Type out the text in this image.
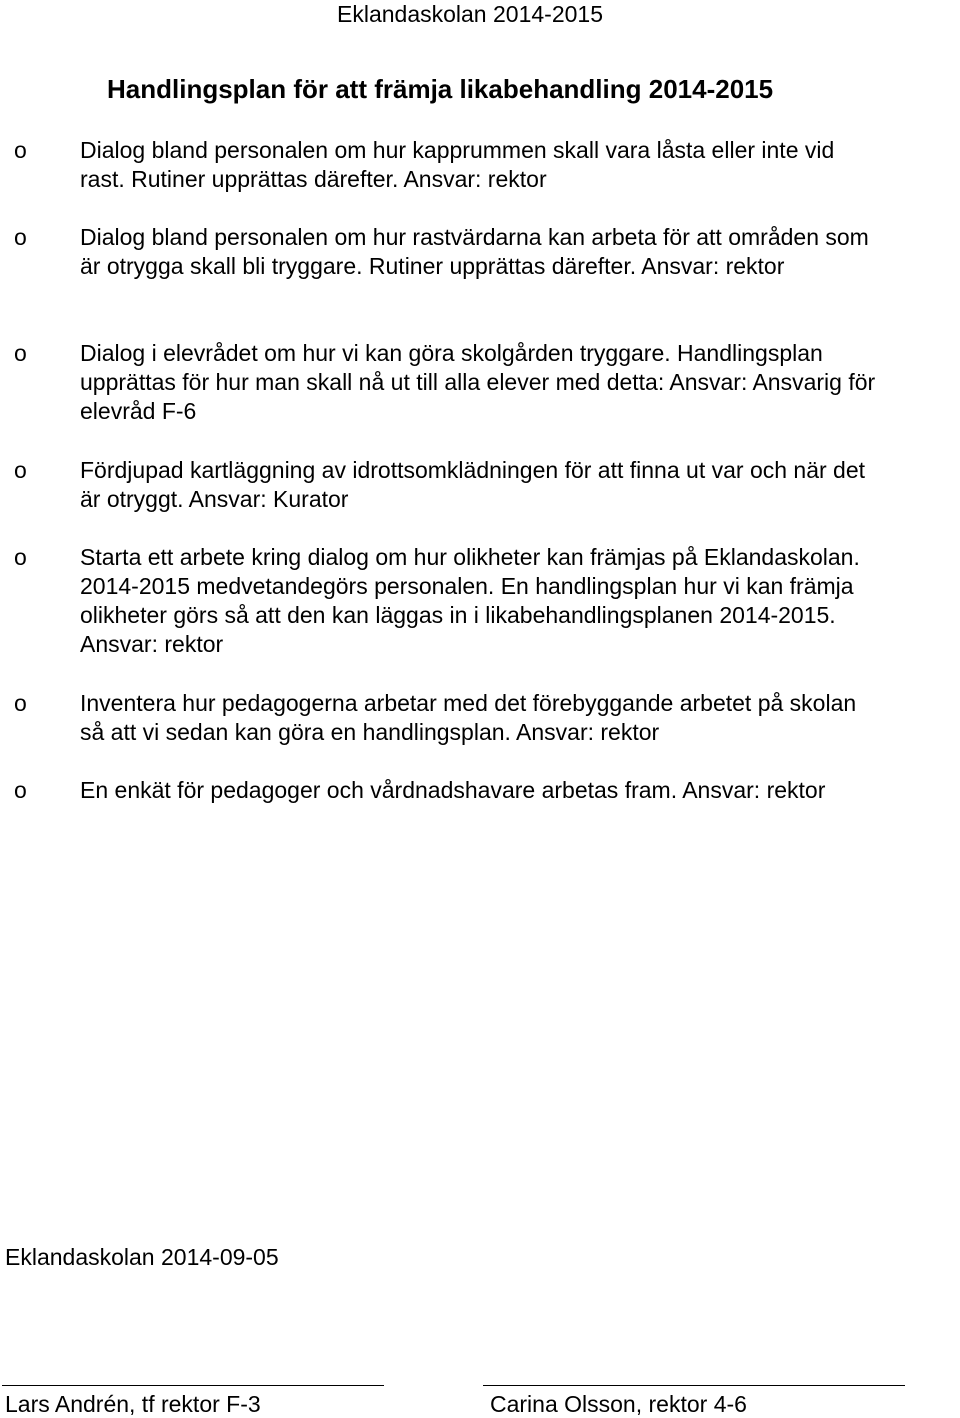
Eklandaskolan 2014-2015
Handlingsplan för att främja likabehandling 2014-2015
o Dialog bland personalen om hur kapprummen skall vara låsta eller inte vid
rast. Rutiner upprättas därefter. Ansvar: rektor
o Dialog bland personalen om hur rastvärdarna kan arbeta för att områden som
är otrygga skall bli tryggare. Rutiner upprättas därefter. Ansvar: rektor
o Dialog i elevrådet om hur vi kan göra skolgården tryggare. Handlingsplan
upprättas för hur man skall nå ut till alla elever med detta: Ansvar: Ansvarig för
elevråd F-6
o Fördjupad kartläggning av idrottsomklädningen för att finna ut var och när det
är otryggt. Ansvar: Kurator
o Starta ett arbete kring dialog om hur olikheter kan främjas på Eklandaskolan.
2014-2015 medvetandegörs personalen. En handlingsplan hur vi kan främja
olikheter görs så att den kan läggas in i likabehandlingsplanen 2014-2015.
Ansvar: rektor
o Inventera hur pedagogerna arbetar med det förebyggande arbetet på skolan
så att vi sedan kan göra en handlingsplan. Ansvar: rektor
o En enkät för pedagoger och vårdnadshavare arbetas fram. Ansvar: rektor
Eklandaskolan 2014-09-05
Lars Andrén, tf rektor F-3	Carina Olsson, rektor 4-6
